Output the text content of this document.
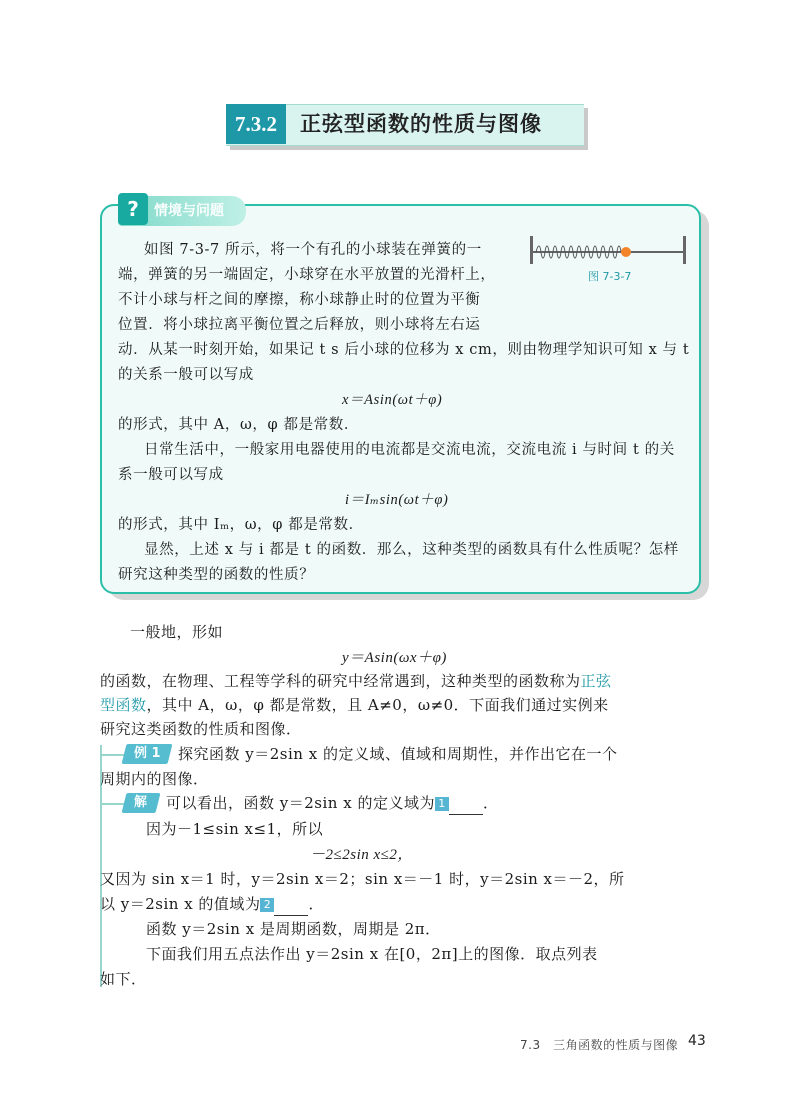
7.3.2	正弦型函数的性质与图像
?	情境与问题
如图 7-3-7 所示，将一个有孔的小球装在弹簧的一
端，弹簧的另一端固定，小球穿在水平放置的光滑杆上，
不计小球与杆之间的摩擦，称小球静止时的位置为平衡
位置．将小球拉离平衡位置之后释放，则小球将左右运
动．从某一时刻开始，如果记 t s 后小球的位移为 x cm，则由物理学知识可知 x 与 t
的关系一般可以写成
x＝Asin(ωt＋φ)
的形式，其中 A，ω，φ 都是常数．
日常生活中，一般家用电器使用的电流都是交流电流，交流电流 i 与时间 t 的关
系一般可以写成
i＝Iₘsin(ωt＋φ)
的形式，其中 Iₘ，ω，φ 都是常数．
显然，上述 x 与 i 都是 t 的函数．那么，这种类型的函数具有什么性质呢？怎样
研究这种类型的函数的性质？
图 7-3-7
一般地，形如
y＝Asin(ωx＋φ)
的函数，在物理、工程等学科的研究中经常遇到，这种类型的函数称为正弦
型函数，其中 A，ω，φ 都是常数，且 A≠0，ω≠0．下面我们通过实例来
研究这类函数的性质和图像．
例 1	探究函数 y＝2sin x 的定义域、值域和周期性，并作出它在一个
周期内的图像．
解	可以看出，函数 y＝2sin x 的定义域为 1 ．
因为－1≤sin x≤1，所以
－2≤2sin x≤2，
又因为 sin x＝1 时，y＝2sin x＝2；sin x＝－1 时，y＝2sin x＝－2，所
以 y＝2sin x 的值域为 2 ．
函数 y＝2sin x 是周期函数，周期是 2π．
下面我们用五点法作出 y＝2sin x 在[0，2π]上的图像．取点列表
如下．
7.3　三角函数的性质与图像 43
